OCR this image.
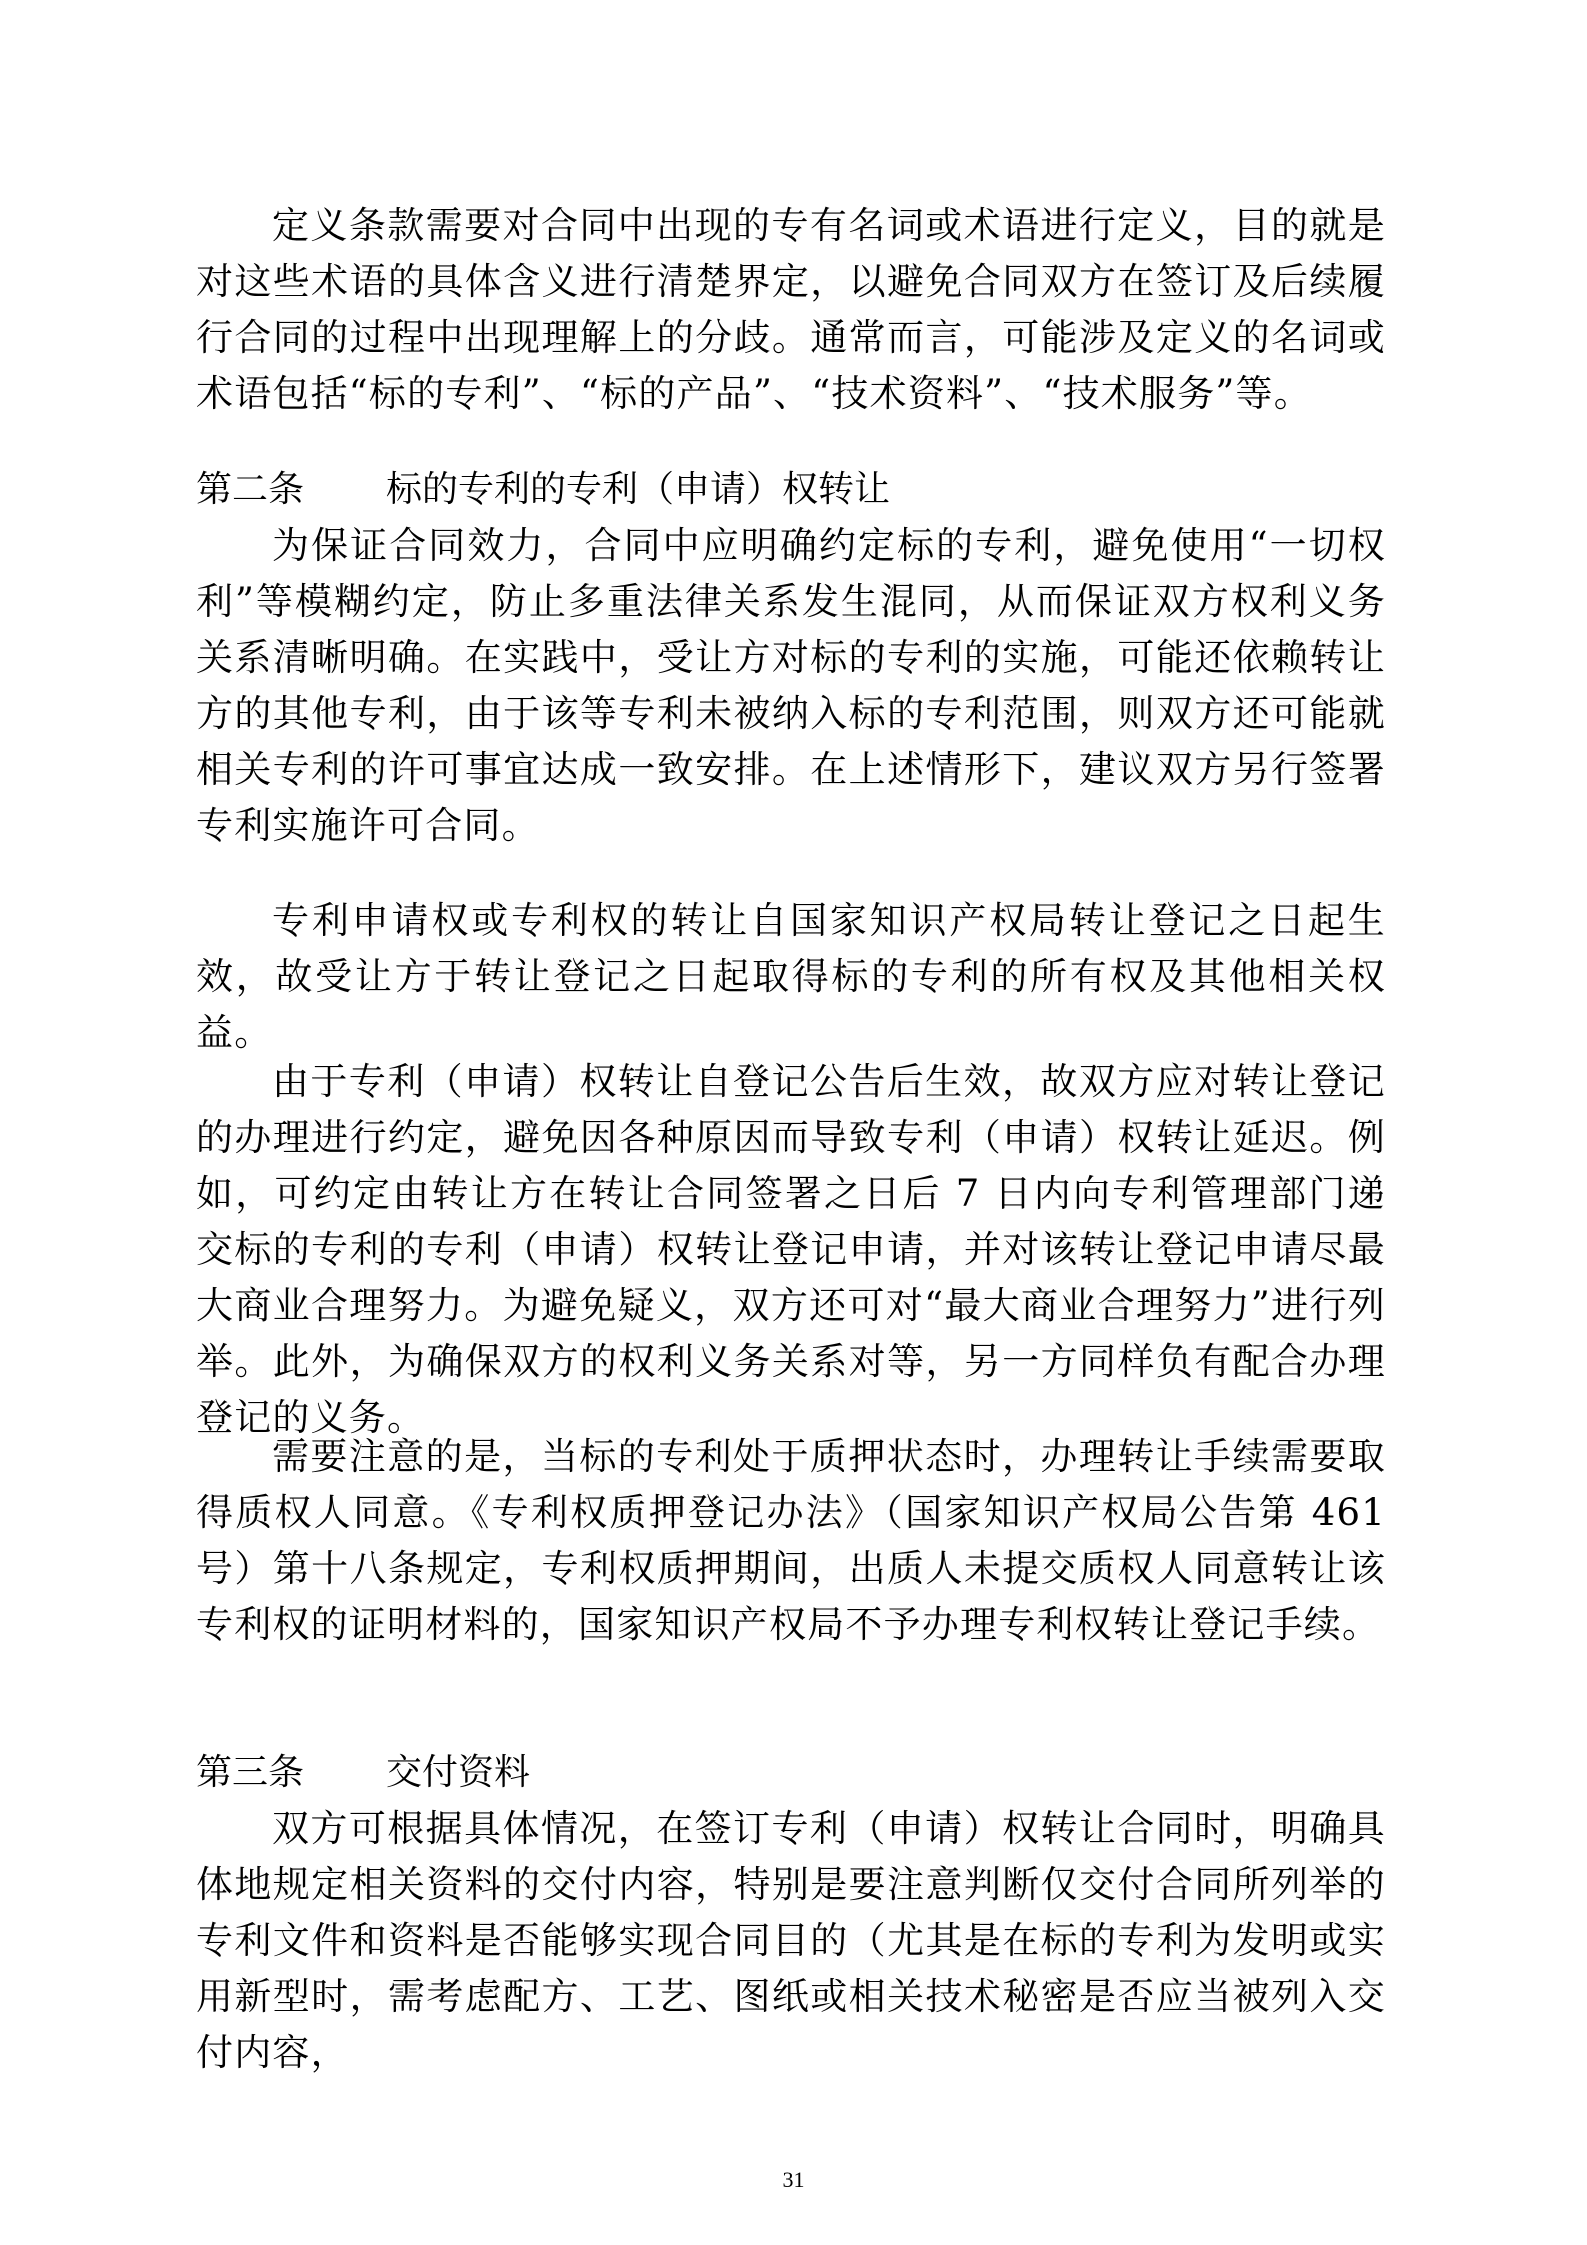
定义条款需要对合同中出现的专有名词或术语进行定义，目的就是对这些术语的具体含义进行清楚界定，以避免合同双方在签订及后续履行合同的过程中出现理解上的分歧。通常而言，可能涉及定义的名词或术语包括“标的专利”、“标的产品”、“技术资料”、“技术服务”等。

第二条 标的专利的专利（申请）权转让

为保证合同效力，合同中应明确约定标的专利，避免使用“一切权利”等模糊约定，防止多重法律关系发生混同，从而保证双方权利义务关系清晰明确。在实践中，受让方对标的专利的实施，可能还依赖转让方的其他专利，由于该等专利未被纳入标的专利范围，则双方还可能就相关专利的许可事宜达成一致安排。在上述情形下，建议双方另行签署专利实施许可合同。

专利申请权或专利权的转让自国家知识产权局转让登记之日起生效，故受让方于转让登记之日起取得标的专利的所有权及其他相关权益。

由于专利（申请）权转让自登记公告后生效，故双方应对转让登记的办理进行约定，避免因各种原因而导致专利（申请）权转让延迟。例如，可约定由转让方在转让合同签署之日后 7 日内向专利管理部门递交标的专利的专利（申请）权转让登记申请，并对该转让登记申请尽最大商业合理努力。为避免疑义，双方还可对“最大商业合理努力”进行列举。此外，为确保双方的权利义务关系对等，另一方同样负有配合办理登记的义务。

需要注意的是，当标的专利处于质押状态时，办理转让手续需要取得质权人同意。《专利权质押登记办法》（国家知识产权局公告第 461 号）第十八条规定，专利权质押期间，出质人未提交质权人同意转让该专利权的证明材料的，国家知识产权局不予办理专利权转让登记手续。

第三条 交付资料

双方可根据具体情况，在签订专利（申请）权转让合同时，明确具体地规定相关资料的交付内容，特别是要注意判断仅交付合同所列举的专利文件和资料是否能够实现合同目的（尤其是在标的专利为发明或实用新型时，需考虑配方、工艺、图纸或相关技术秘密是否应当被列入交付内容，

31
